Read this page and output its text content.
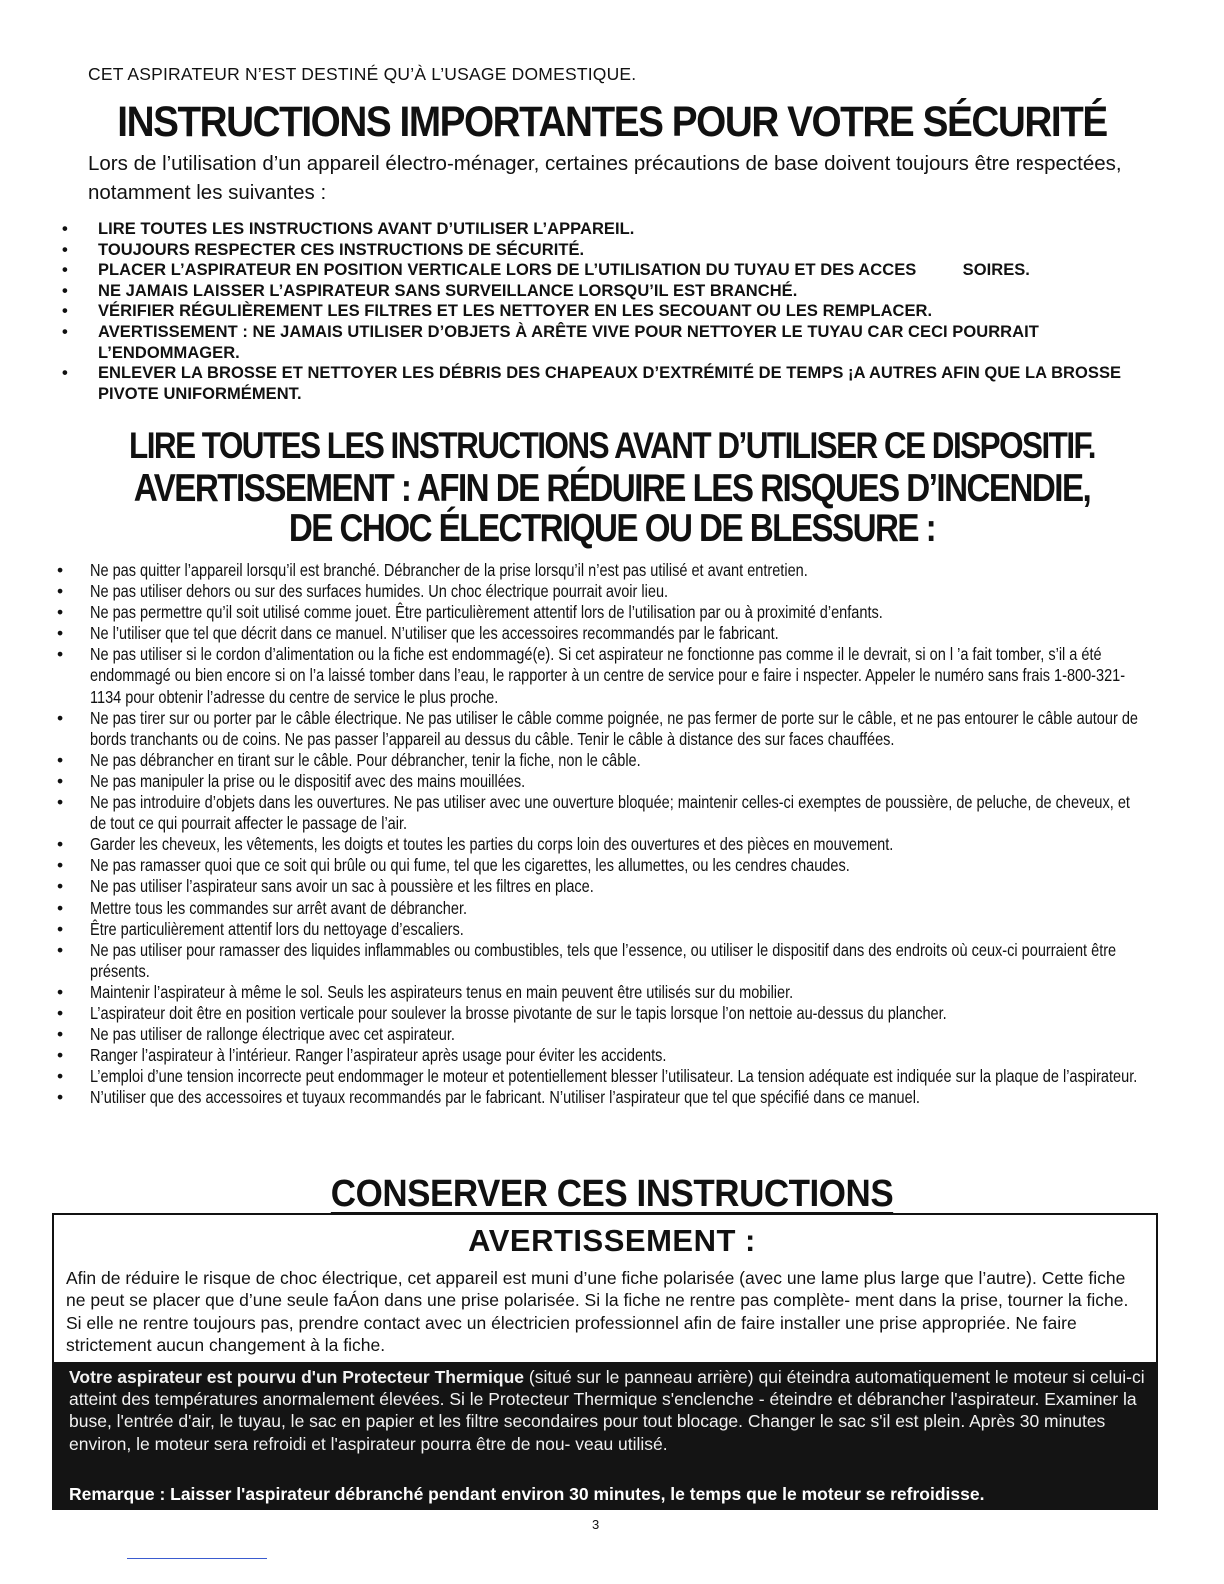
CET ASPIRATEUR N’EST DESTINÉ QU’À L’USAGE DOMESTIQUE.
INSTRUCTIONS IMPORTANTES POUR VOTRE SÉCURITÉ
Lors de l’utilisation d’un appareil électro-ménager, certaines précautions de base doivent toujours être respectées, notamment les suivantes :
• LIRE TOUTES LES INSTRUCTIONS AVANT D’UTILISER L’APPAREIL.
• TOUJOURS RESPECTER CES INSTRUCTIONS DE SÉCURITÉ.
• PLACER L’ASPIRATEUR EN POSITION VERTICALE LORS DE L’UTILISATION DU TUYAU ET DES ACCES          SOIRES.
• NE JAMAIS LAISSER L’ASPIRATEUR SANS SURVEILLANCE LORSQU’IL EST BRANCHÉ.
• VÉRIFIER RÉGULIÈREMENT LES FILTRES ET LES NETTOYER EN LES SECOUANT OU LES REMPLACER.
• AVERTISSEMENT : NE JAMAIS UTILISER D’OBJETS À ARÊTE VIVE POUR NETTOYER LE TUYAU CAR CECI POURRAIT L’ENDOMMAGER.
• ENLEVER LA BROSSE ET NETTOYER LES DÉBRIS DES CHAPEAUX D’EXTRÉMITÉ DE TEMPS ¡A AUTRES AFIN QUE LA BROSSE PIVOTE UNIFORMÉMENT.
LIRE TOUTES LES INSTRUCTIONS AVANT D’UTILISER CE DISPOSITIF.
AVERTISSEMENT : AFIN DE RÉDUIRE LES RISQUES D’INCENDIE,
DE CHOC ÉLECTRIQUE OU DE BLESSURE :
• Ne pas quitter l’appareil lorsqu’il est branché. Débrancher de la prise lorsqu’il n’est pas utilisé et avant entretien.
• Ne pas utiliser dehors ou sur des surfaces humides. Un choc électrique pourrait avoir lieu.
• Ne pas permettre qu’il soit utilisé comme jouet. Être particulièrement attentif lors de l’utilisation par ou à proximité d’enfants.
• Ne l’utiliser que tel que décrit dans ce manuel. N’utiliser que les accessoires recommandés par le fabricant.
• Ne pas utiliser si le cordon d’alimentation ou la fiche est endommagé(e). Si cet aspirateur ne fonctionne pas comme il le devrait, si on l ’a fait tomber, s’il a été endommagé ou bien encore si on l’a laissé tomber dans l’eau, le rapporter à un centre de service pour e faire i nspecter. Appeler le numéro sans frais 1-800-321-1134 pour obtenir l’adresse du centre de service le plus proche.
• Ne pas tirer sur ou porter par le câble électrique. Ne pas utiliser le câble comme poignée, ne pas fermer de porte sur le câble, et ne pas entourer le câble autour de bords tranchants ou de coins. Ne pas passer l’appareil au dessus du câble. Tenir le câble à distance des sur faces chauffées.
• Ne pas débrancher en tirant sur le câble. Pour débrancher, tenir la fiche, non le câble.
• Ne pas manipuler la prise ou le dispositif avec des mains mouillées.
• Ne pas introduire d’objets dans les ouvertures. Ne pas utiliser avec une ouverture bloquée; maintenir celles-ci exemptes de poussière, de peluche, de cheveux, et de tout ce qui pourrait affecter le passage de l’air.
• Garder les cheveux, les vêtements, les doigts et toutes les parties du corps loin des ouvertures et des pièces en mouvement.
• Ne pas ramasser quoi que ce soit qui brûle ou qui fume, tel que les cigarettes, les allumettes, ou les cendres chaudes.
• Ne pas utiliser l’aspirateur sans avoir un sac à poussière et les filtres en place.
• Mettre tous les commandes sur arrêt avant de débrancher.
• Être particulièrement attentif lors du nettoyage d’escaliers.
• Ne pas utiliser pour ramasser des liquides inflammables ou combustibles, tels que l’essence, ou utiliser le dispositif dans des endroits où ceux-ci pourraient être présents.
• Maintenir l’aspirateur à même le sol. Seuls les aspirateurs tenus en main peuvent être utilisés sur du mobilier.
• L’aspirateur doit être en position verticale pour soulever la brosse pivotante de sur le tapis lorsque l’on nettoie au-dessus du plancher.
• Ne pas utiliser de rallonge électrique avec cet aspirateur.
• Ranger l’aspirateur à l’intérieur. Ranger l’aspirateur après usage pour éviter les accidents.
• L’emploi d’une tension incorrecte peut endommager le moteur et potentiellement blesser l’utilisateur. La tension adéquate est indiquée sur la plaque de l’aspirateur.
• N’utiliser que des accessoires et tuyaux recommandés par le fabricant. N’utiliser l’aspirateur que tel que spécifié dans ce manuel.
CONSERVER CES INSTRUCTIONS
AVERTISSEMENT :
Afin de réduire le risque de choc électrique, cet appareil est muni d’une fiche polarisée (avec une lame plus large que l’autre). Cette fiche ne peut se placer que d’une seule faÁon dans une prise polarisée. Si la fiche ne rentre pas complète- ment dans la prise, tourner la fiche. Si elle ne rentre toujours pas, prendre contact avec un électricien professionnel afin de faire installer une prise appropriée. Ne faire strictement aucun changement à la fiche.
Votre aspirateur est pourvu d'un Protecteur Thermique (situé sur le panneau arrière) qui éteindra automatiquement le moteur si celui-ci atteint des températures anormalement élevées. Si le Protecteur Thermique s'enclenche - éteindre et débrancher l'aspirateur. Examiner la buse, l'entrée d'air, le tuyau, le sac en papier et les filtre secondaires pour tout blocage. Changer le sac s'il est plein. Après 30 minutes environ, le moteur sera refroidi et l'aspirateur pourra être de nou- veau utilisé.
Remarque : Laisser l'aspirateur débranché pendant environ 30 minutes, le temps que le moteur se refroidisse.
3
